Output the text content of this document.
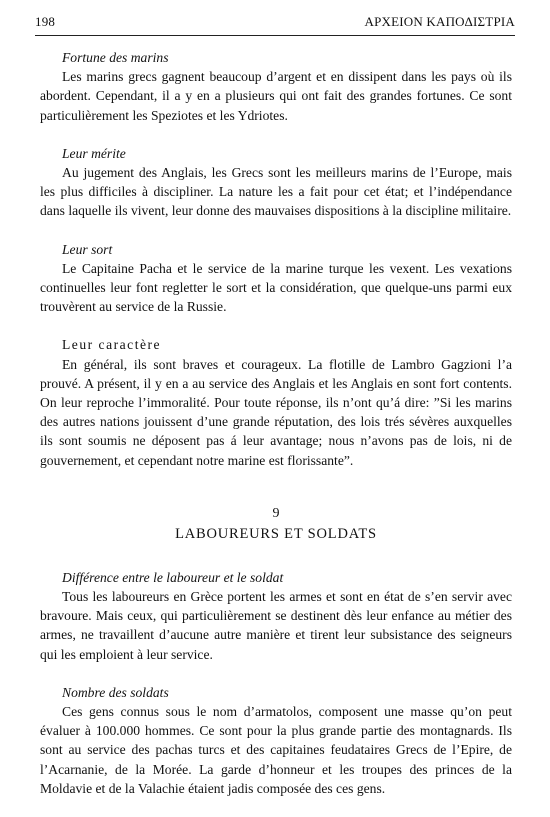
198	ΑΡΧΕΙΟΝ ΚΑΠΟΔΙΣΤΡΙΑ

Fortune des marins

Les marins grecs gagnent beaucoup d’argent et en dissipent dans les pays où ils abordent. Cependant, il a y en a plusieurs qui ont fait des grandes fortunes. Ce sont particulièrement les Speziotes et les Ydriotes.

Leur mérite

Au jugement des Anglais, les Grecs sont les meilleurs marins de l’Europe, mais les plus difficiles à discipliner. La nature les a fait pour cet état; et l’indépendance dans laquelle ils vivent, leur donne des mauvaises dispositions à la discipline militaire.

Leur sort

Le Capitaine Pacha et le service de la marine turque les vexent. Les vexations continuelles leur font regletter le sort et la considération, que quelque-uns parmi eux trouvèrent au service de la Russie.

Leur caractère

En général, ils sont braves et courageux. La flotille de Lambro Gagzioni l’a prouvé. A présent, il y en a au service des Anglais et les Anglais en sont fort contents. On leur reproche l’immoralité. Pour toute réponse, ils n’ont qu’á dire: ”Si les marins des autres nations jouissent d’une grande réputation, des lois trés sévères auxquelles ils sont soumis ne déposent pas á leur avantage; nous n’avons pas de lois, ni de gouvernement, et cependant notre marine est florissante”.

9
LABOUREURS ET SOLDATS

Différence entre le laboureur et le soldat

Tous les laboureurs en Grèce portent les armes et sont en état de s’en servir avec bravoure. Mais ceux, qui particulièrement se destinent dès leur enfance au métier des armes, ne travaillent d’aucune autre manière et tirent leur subsistance des seigneurs qui les emploient à leur service.

Nombre des soldats

Ces gens connus sous le nom d’armatolos, composent une masse qu’on peut évaluer à 100.000 hommes. Ce sont pour la plus grande partie des montagnards. Ils sont au service des pachas turcs et des capitaines feudataires Grecs de l’Epire, de l’Acarnanie, de la Morée. La garde d’honneur et les troupes des princes de la Moldavie et de la Valachie étaient jadis composée des ces gens.
